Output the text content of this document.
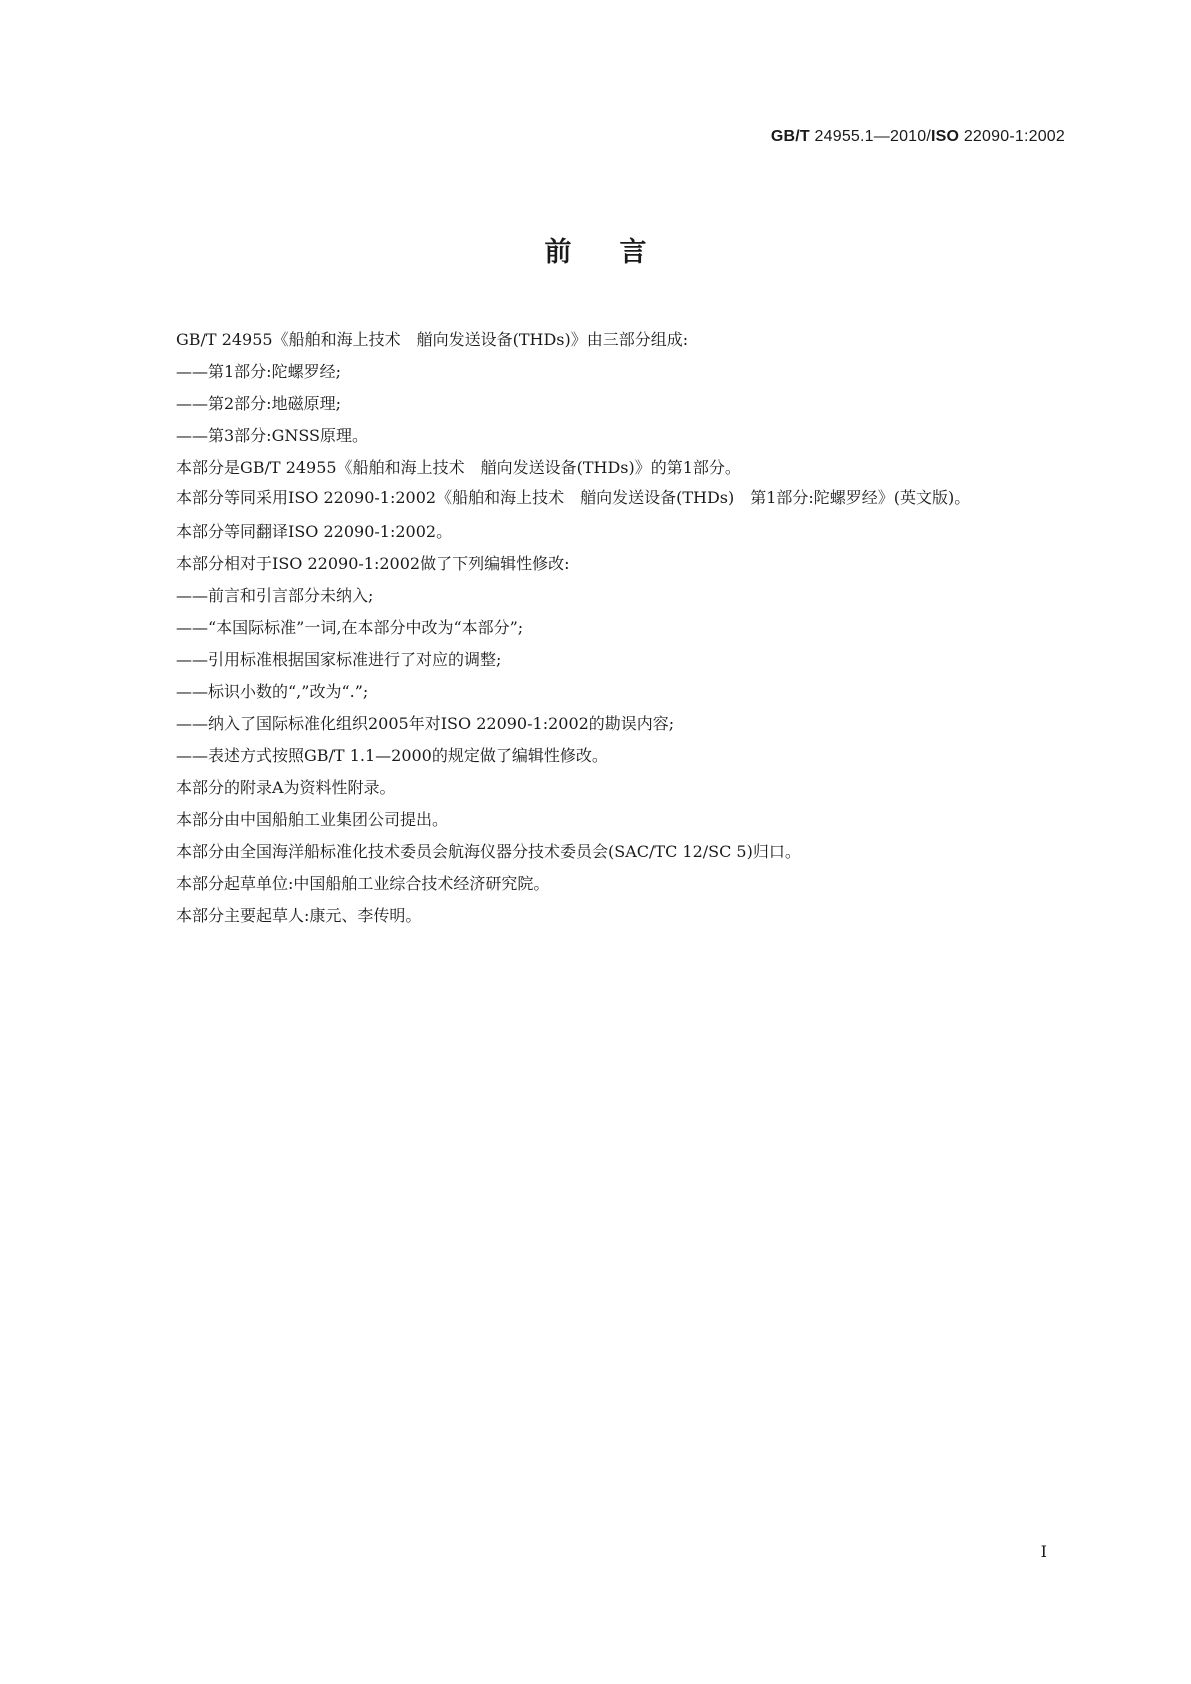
GB/T 24955.1—2010/ISO 22090-1:2002
前言

GB/T 24955《船舶和海上技术　艏向发送设备(THDs)》由三部分组成:

——第1部分:陀螺罗经;

——第2部分:地磁原理;

——第3部分:GNSS原理。

本部分是GB/T 24955《船舶和海上技术　艏向发送设备(THDs)》的第1部分。

本部分等同采用ISO 22090-1:2002《船舶和海上技术　艏向发送设备(THDs)　第1部分:陀螺罗经》(英文版)。

本部分等同翻译ISO 22090-1:2002。

本部分相对于ISO 22090-1:2002做了下列编辑性修改:

——前言和引言部分未纳入;

——“本国际标准”一词,在本部分中改为“本部分”;

——引用标准根据国家标准进行了对应的调整;

——标识小数的“,”改为“.”;

——纳入了国际标准化组织2005年对ISO 22090-1:2002的勘误内容;

——表述方式按照GB/T 1.1—2000的规定做了编辑性修改。

本部分的附录A为资料性附录。

本部分由中国船舶工业集团公司提出。

本部分由全国海洋船标准化技术委员会航海仪器分技术委员会(SAC/TC 12/SC 5)归口。

本部分起草单位:中国船舶工业综合技术经济研究院。

本部分主要起草人:康元、李传明。

I
